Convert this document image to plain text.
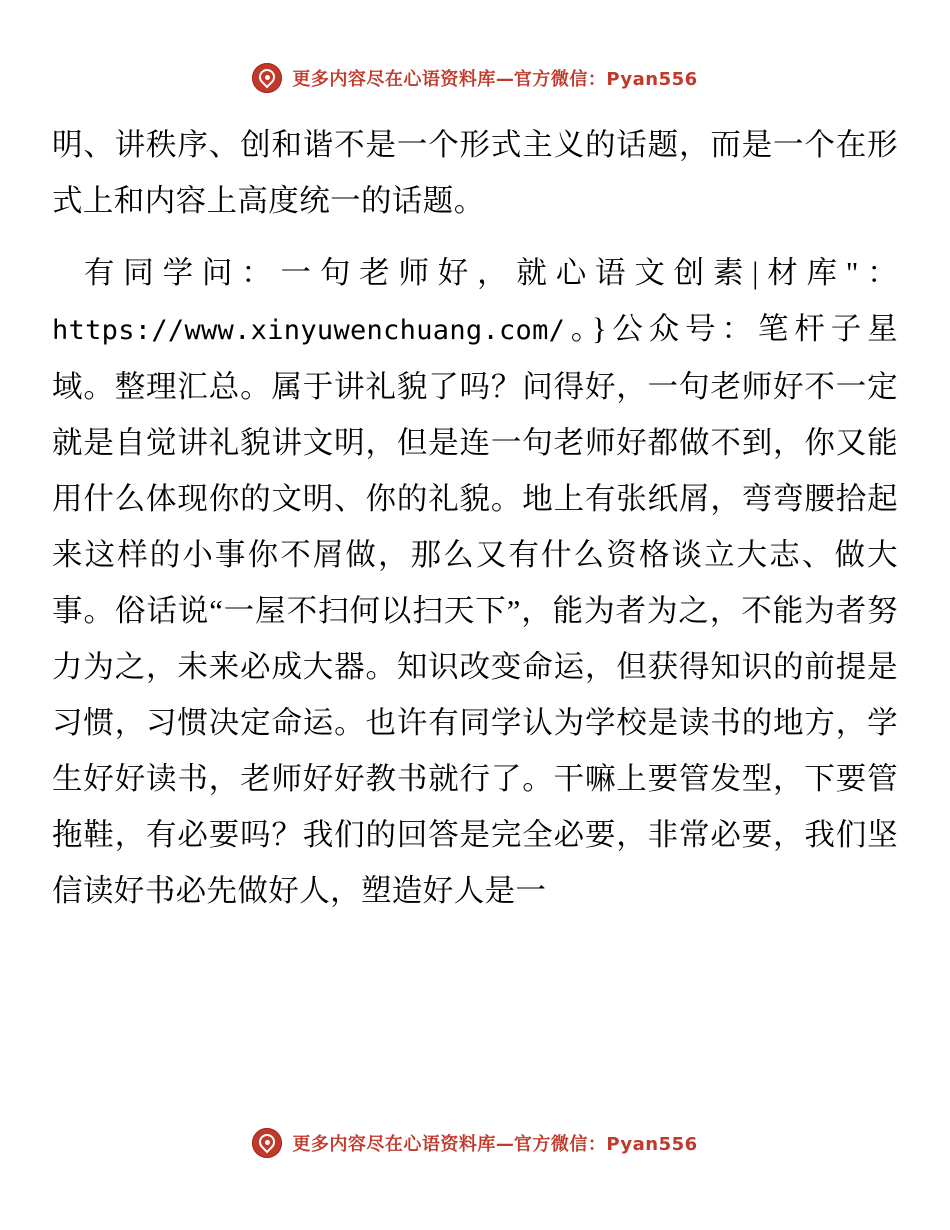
更多内容尽在心语资料库—官方微信：Pyan556

明、讲秩序、创和谐不是一个形式主义的话题，而是一个在形式上和内容上高度统一的话题。

有同学问：一句老师好，就心语文创素|材库"：https://www.xinyuwenchuang.com/。}公众号：笔杆子星域。整理汇总。属于讲礼貌了吗？问得好，一句老师好不一定就是自觉讲礼貌讲文明，但是连一句老师好都做不到，你又能用什么体现你的文明、你的礼貌。地上有张纸屑，弯弯腰拾起来这样的小事你不屑做，那么又有什么资格谈立大志、做大事。俗话说“一屋不扫何以扫天下”，能为者为之，不能为者努力为之，未来必成大器。知识改变命运，但获得知识的前提是习惯，习惯决定命运。也许有同学认为学校是读书的地方，学生好好读书，老师好好教书就行了。干嘛上要管发型，下要管拖鞋，有必要吗？我们的回答是完全必要，非常必要，我们坚信读好书必先做好人，塑造好人是一

更多内容尽在心语资料库—官方微信：Pyan556
